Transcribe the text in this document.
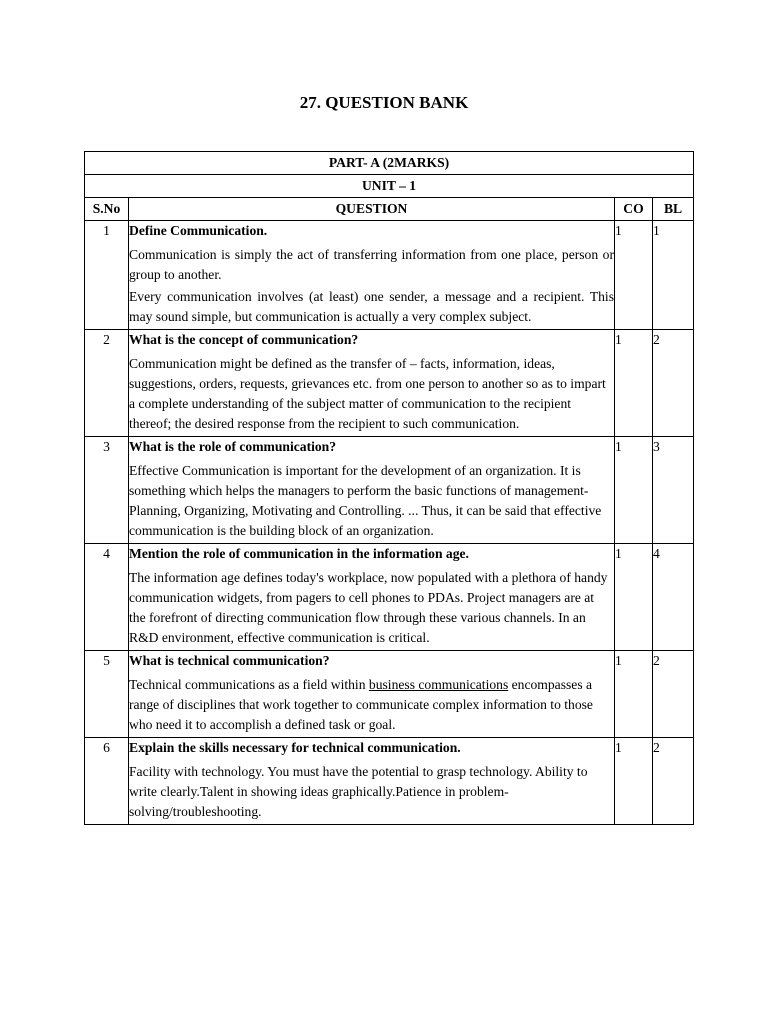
27. QUESTION BANK
PART- A (2MARKS)			
UNIT – 1			
S.No	QUESTION	CO	BL
1	Define Communication.
Communication is simply the act of transferring information from one place, person or group to another.
Every communication involves (at least) one sender, a message and a recipient. This may sound simple, but communication is actually a very complex subject.	1	1
2	What is the concept of communication?
Communication might be defined as the transfer of – facts, information, ideas, suggestions, orders, requests, grievances etc. from one person to another so as to impart a complete understanding of the subject matter of communication to the recipient thereof; the desired response from the recipient to such communication.	1	2
3	What is the role of communication?
Effective Communication is important for the development of an organization. It is something which helps the managers to perform the basic functions of management- Planning, Organizing, Motivating and Controlling. ... Thus, it can be said that effective communication is the building block of an organization.	1	3
4	Mention the role of communication in the information age.
The information age defines today's workplace, now populated with a plethora of handy communication widgets, from pagers to cell phones to PDAs. Project managers are at the forefront of directing communication flow through these various channels. In an R&D environment, effective communication is critical.	1	4
5	What is technical communication?
Technical communications as a field within business communications encompasses a range of disciplines that work together to communicate complex information to those who need it to accomplish a defined task or goal.	1	2
6	Explain the skills necessary for technical communication.
Facility with technology. You must have the potential to grasp technology. Ability to write clearly.Talent in showing ideas graphically.Patience in problem-solving/troubleshooting.	1	2
